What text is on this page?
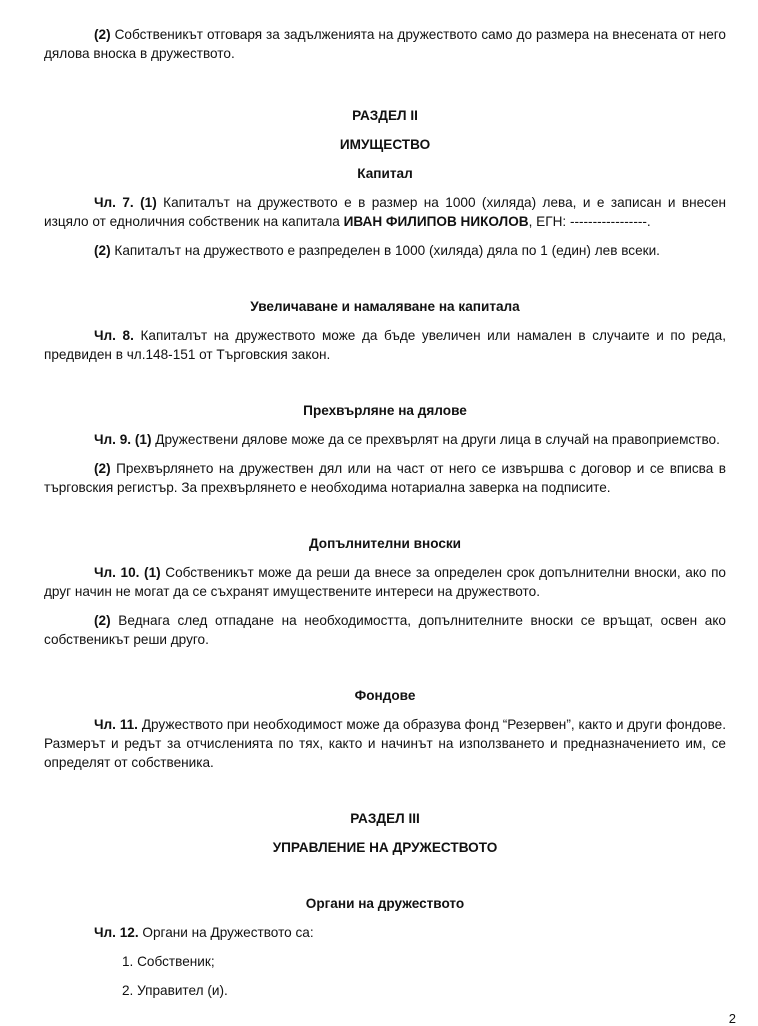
(2) Собственикът отговаря за задълженията на дружеството само до размера на внесената от него дялова вноска в дружеството.

РАЗДЕЛ II

ИМУЩЕСТВО

Капитал

Чл. 7. (1) Капиталът на дружеството е в размер на 1000 (хиляда) лева, и е записан и внесен изцяло от едноличния собственик на капитала ИВАН ФИЛИПОВ НИКОЛОВ, ЕГН: -----------------.

(2) Капиталът на дружеството е разпределен в 1000 (хиляда) дяла по 1 (един) лев всеки.

Увеличаване и намаляване на капитала

Чл. 8. Капиталът на дружеството може да бъде увеличен или намален в случаите и по реда, предвиден в чл.148-151 от Търговския закон.

Прехвърляне на дялове

Чл. 9. (1) Дружествени дялове може да се прехвърлят на други лица в случай на правоприемство.

(2) Прехвърлянето на дружествен дял или на част от него се извършва с договор и се вписва в търговския регистър. За прехвърлянето е необходима нотариална заверка на подписите.

Допълнителни вноски

Чл. 10. (1) Собственикът може да реши да внесе за определен срок допълнителни вноски, ако по друг начин не могат да се съхранят имуществените интереси на дружеството.

(2) Веднага след отпадане на необходимостта, допълнителните вноски се връщат, освен ако собственикът реши друго.

Фондове

Чл. 11. Дружеството при необходимост може да образува фонд “Резервен”, както и други фондове. Размерът и редът за отчисленията по тях, както и начинът на използването и предназначението им, се определят от собственика.

РАЗДЕЛ III

УПРАВЛЕНИЕ НА ДРУЖЕСТВОТО

Органи на дружеството

Чл. 12. Органи на Дружеството са:

1. Собственик;

2. Управител (и).

2
